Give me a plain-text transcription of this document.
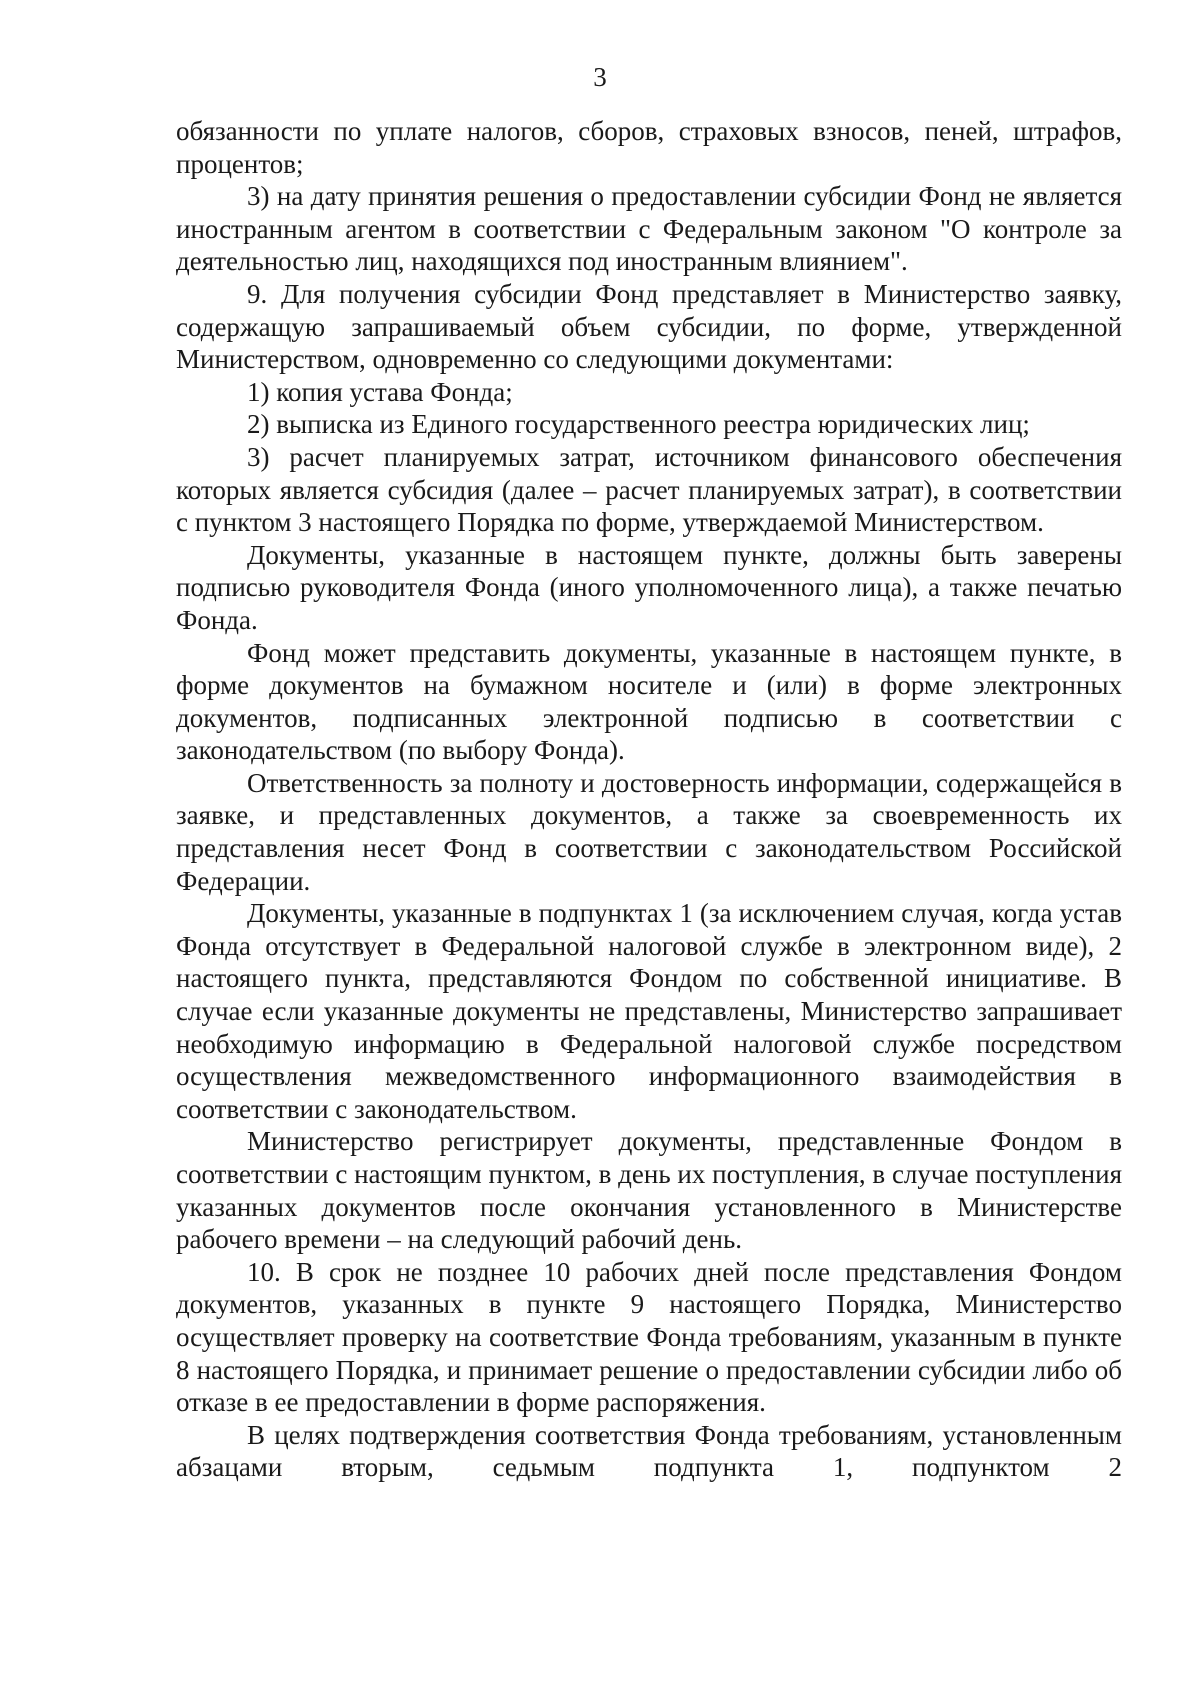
3

обязанности по уплате налогов, сборов, страховых взносов, пеней, штрафов, процентов;

3) на дату принятия решения о предоставлении субсидии Фонд не является иностранным агентом в соответствии с Федеральным законом "О контроле за деятельностью лиц, находящихся под иностранным влиянием".

9. Для получения субсидии Фонд представляет в Министерство заявку, содержащую запрашиваемый объем субсидии, по форме, утвержденной Министерством, одновременно со следующими документами:

1) копия устава Фонда;

2) выписка из Единого государственного реестра юридических лиц;

3) расчет планируемых затрат, источником финансового обеспечения которых является субсидия (далее – расчет планируемых затрат), в соответствии с пунктом 3 настоящего Порядка по форме, утверждаемой Министерством.

Документы, указанные в настоящем пункте, должны быть заверены подписью руководителя Фонда (иного уполномоченного лица), а также печатью Фонда.

Фонд может представить документы, указанные в настоящем пункте, в форме документов на бумажном носителе и (или) в форме электронных документов, подписанных электронной подписью в соответствии с законодательством (по выбору Фонда).

Ответственность за полноту и достоверность информации, содержащейся в заявке, и представленных документов, а также за своевременность их представления несет Фонд в соответствии с законодательством Российской Федерации.

Документы, указанные в подпунктах 1 (за исключением случая, когда устав Фонда отсутствует в Федеральной налоговой службе в электронном виде), 2 настоящего пункта, представляются Фондом по собственной инициативе. В случае если указанные документы не представлены, Министерство запрашивает необходимую информацию в Федеральной налоговой службе посредством осуществления межведомственного информационного взаимодействия в соответствии с законодательством.

Министерство регистрирует документы, представленные Фондом в соответствии с настоящим пунктом, в день их поступления, в случае поступления указанных документов после окончания установленного в Министерстве рабочего времени – на следующий рабочий день.

10. В срок не позднее 10 рабочих дней после представления Фондом документов, указанных в пункте 9 настоящего Порядка, Министерство осуществляет проверку на соответствие Фонда требованиям, указанным в пункте 8 настоящего Порядка, и принимает решение о предоставлении субсидии либо об отказе в ее предоставлении в форме распоряжения.

В целях подтверждения соответствия Фонда требованиям, установленным абзацами вторым, седьмым подпункта 1, подпунктом 2
